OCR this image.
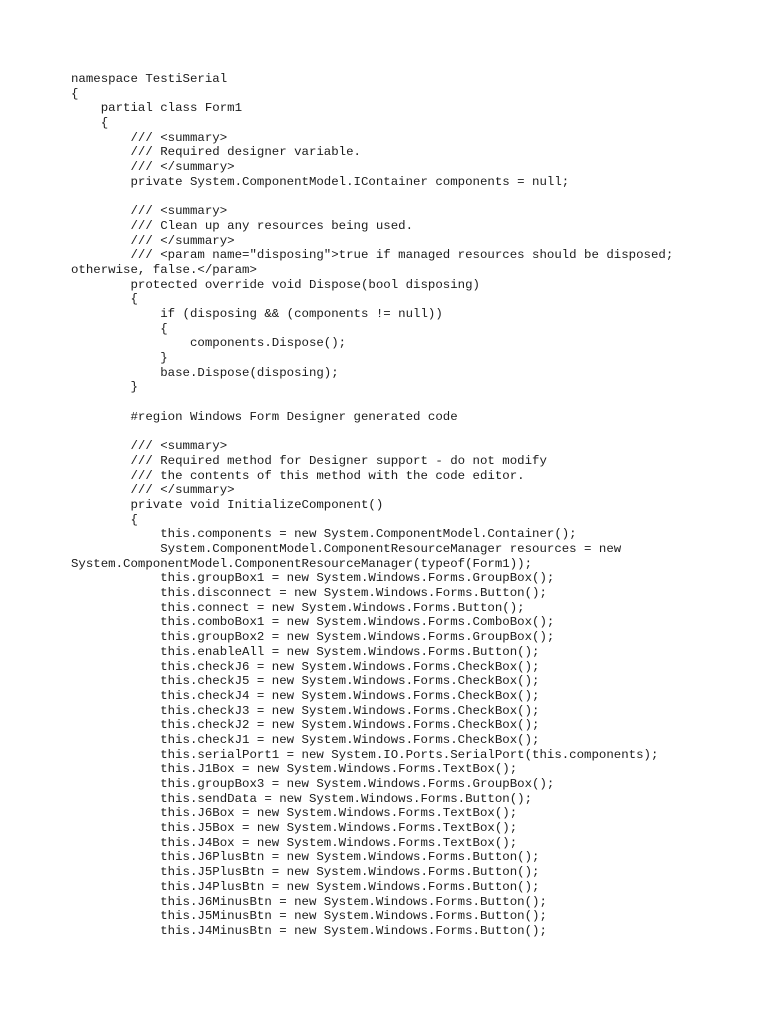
namespace TestiSerial
{
partial class Form1
{
/// <summary>
/// Required designer variable.
/// </summary>
private System.ComponentModel.IContainer components = null;
/// <summary>
/// Clean up any resources being used.
/// </summary>
/// <param name="disposing">true if managed resources should be disposed;
otherwise, false.</param>
protected override void Dispose(bool disposing)
{
if (disposing && (components != null))
{
components.Dispose();
}
base.Dispose(disposing);
}
#region Windows Form Designer generated code
/// <summary>
/// Required method for Designer support - do not modify
/// the contents of this method with the code editor.
/// </summary>
private void InitializeComponent()
{
this.components = new System.ComponentModel.Container();
System.ComponentModel.ComponentResourceManager resources = new
System.ComponentModel.ComponentResourceManager(typeof(Form1));
this.groupBox1 = new System.Windows.Forms.GroupBox();
this.disconnect = new System.Windows.Forms.Button();
this.connect = new System.Windows.Forms.Button();
this.comboBox1 = new System.Windows.Forms.ComboBox();
this.groupBox2 = new System.Windows.Forms.GroupBox();
this.enableAll = new System.Windows.Forms.Button();
this.checkJ6 = new System.Windows.Forms.CheckBox();
this.checkJ5 = new System.Windows.Forms.CheckBox();
this.checkJ4 = new System.Windows.Forms.CheckBox();
this.checkJ3 = new System.Windows.Forms.CheckBox();
this.checkJ2 = new System.Windows.Forms.CheckBox();
this.checkJ1 = new System.Windows.Forms.CheckBox();
this.serialPort1 = new System.IO.Ports.SerialPort(this.components);
this.J1Box = new System.Windows.Forms.TextBox();
this.groupBox3 = new System.Windows.Forms.GroupBox();
this.sendData = new System.Windows.Forms.Button();
this.J6Box = new System.Windows.Forms.TextBox();
this.J5Box = new System.Windows.Forms.TextBox();
this.J4Box = new System.Windows.Forms.TextBox();
this.J6PlusBtn = new System.Windows.Forms.Button();
this.J5PlusBtn = new System.Windows.Forms.Button();
this.J4PlusBtn = new System.Windows.Forms.Button();
this.J6MinusBtn = new System.Windows.Forms.Button();
this.J5MinusBtn = new System.Windows.Forms.Button();
this.J4MinusBtn = new System.Windows.Forms.Button();
